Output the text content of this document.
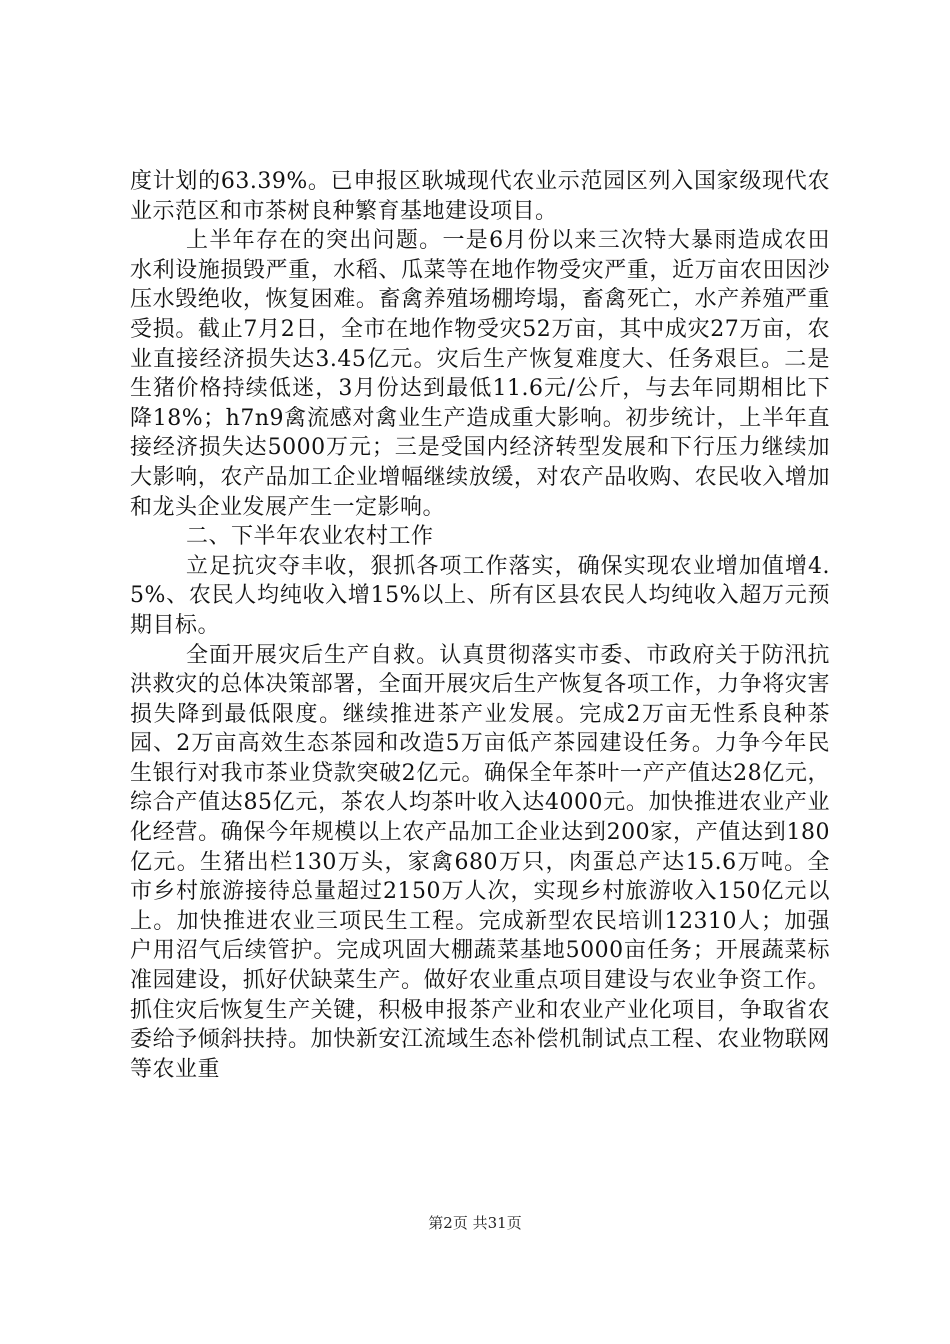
度计划的63.39%。已申报区耿城现代农业示范园区列入国家级现代农业示范区和市茶树良种繁育基地建设项目。

上半年存在的突出问题。一是6月份以来三次特大暴雨造成农田水利设施损毁严重，水稻、瓜菜等在地作物受灾严重，近万亩农田因沙压水毁绝收，恢复困难。畜禽养殖场棚垮塌，畜禽死亡，水产养殖严重受损。截止7月2日，全市在地作物受灾52万亩，其中成灾27万亩，农业直接经济损失达3.45亿元。灾后生产恢复难度大、任务艰巨。二是生猪价格持续低迷，3月份达到最低11.6元/公斤，与去年同期相比下降18%；h7n9禽流感对禽业生产造成重大影响。初步统计，上半年直接经济损失达5000万元；三是受国内经济转型发展和下行压力继续加大影响，农产品加工企业增幅继续放缓，对农产品收购、农民收入增加和龙头企业发展产生一定影响。

二、下半年农业农村工作

立足抗灾夺丰收，狠抓各项工作落实，确保实现农业增加值增4.5%、农民人均纯收入增15%以上、所有区县农民人均纯收入超万元预期目标。

全面开展灾后生产自救。认真贯彻落实市委、市政府关于防汛抗洪救灾的总体决策部署，全面开展灾后生产恢复各项工作，力争将灾害损失降到最低限度。继续推进茶产业发展。完成2万亩无性系良种茶园、2万亩高效生态茶园和改造5万亩低产茶园建设任务。力争今年民生银行对我市茶业贷款突破2亿元。确保全年茶叶一产产值达28亿元，综合产值达85亿元，茶农人均茶叶收入达4000元。加快推进农业产业化经营。确保今年规模以上农产品加工企业达到200家，产值达到180亿元。生猪出栏130万头，家禽680万只，肉蛋总产达15.6万吨。全市乡村旅游接待总量超过2150万人次，实现乡村旅游收入150亿元以上。加快推进农业三项民生工程。完成新型农民培训12310人；加强户用沼气后续管护。完成巩固大棚蔬菜基地5000亩任务；开展蔬菜标准园建设，抓好伏缺菜生产。做好农业重点项目建设与农业争资工作。抓住灾后恢复生产关键，积极申报茶产业和农业产业化项目，争取省农委给予倾斜扶持。加快新安江流域生态补偿机制试点工程、农业物联网等农业重

第2页 共31页
